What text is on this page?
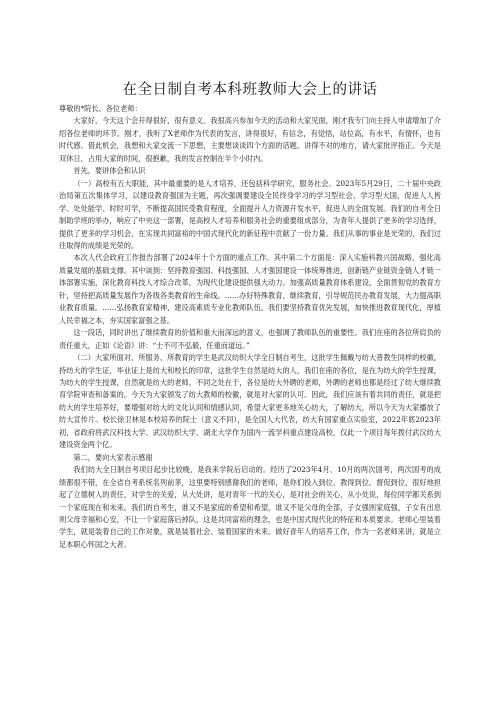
在全日制自考本科班教师大会上的讲话

尊敬的*院长、各位老师：

大家好，今天这个会开得很好，很有意义。我很高兴参加今天的活动和大家见面，刚才我专门向主持人申请增加了介绍各位老师的环节。刚才，我听了X老师作为代表的发言，讲得很好，有信念，有觉悟，站位高，有水平，有情怀，也有时代感。借此机会，我想和大家交流一下思想，主要想谈谈四个方面的话题。讲得不对的地方，请大家批评指正。今天是双休日，占用大家的时间，很抱歉，我的发言控制在半个小时内。

首先，要讲体会和认识

（一）高校有五大职能，其中最重要的是人才培养，还包括科学研究，服务社会。2023年5月29日，二十届中央政治局第五次集体学习，以建设教育强国为主题，再次强调要建设全民终身学习的学习型社会、学习型大国，促进人人皆学、处处能学、时时可学，不断提高国民受教育程度，全面提升人力资源开发水平，促进人的全面发展。我们的自考全日制助学班的举办，响应了中央这一部署，是高校人才培养和服务社会的重要组成部分，为青年人提供了更多的学习选择，提供了更多的学习机会，在实现共同富裕的中国式现代化的新征程中贡献了一份力量。我们从事的事业是光荣的，我们过往取得的成绩是光荣的。

本次人代会政府工作报告部署了2024年十个方面的重点工作。其中第二个方面是：深入实施科教兴国战略，强化高质量发展的基础支撑。其中谈到：坚持教育强国、科技强国、人才强国建设一体统筹推进，创新链产业链资金链人才链一体部署实施，深化教育科技人才综合改革，为现代化建设提供强大动力。加强高质量教育体系建设，全面贯彻党的教育方针，坚持把高质量发展作为各级各类教育的生命线。……办好特殊教育、继续教育，引导规范民办教育发展，大力提高职业教育质量。……弘扬教育家精神，建设高素质专业化教师队伍。我们要坚持教育优先发展，加快推进教育现代化，厚植人民幸福之本，夯实国家富强之基。

这一段话，同时讲出了继续教育的价值和重大而深远的意义，也强调了教师队伍的重要性。我们在座的各位所肩负的责任重大，正如《论语》讲：“士不可不弘毅，任重而道远。”

（二）大家所面对、所服务、所教育的学生是武汉纺织大学全日制自考生，这批学生佩戴与纺大普教生同样的校徽，持纺大的学生证，毕业证上是纺大和校长的印章，这批学生自然是纺大的人，我们在座的各位，是在为纺大的学生授课，为纺大的学生授课，自然就是纺大的老师，不同之处在于，各位是纺大外聘的老师，外聘的老师也都是经过了纺大继续教育学院审查和备案的。今天为大家颁发了纺大教师的校徽，就是对大家的认可。因此，我们应该有着共同的责任，就是把纺大的学生培养好，要增强对纺大的文化认同和情感认同，希望大家更多地关心纺大，了解纺大，所以今天为大家播放了纺大宣传片。校长徐卫林是本校培养的院士（意义不同），是全国人大代表，纺大有国家重点实验室，2022年底2023年初，省政府将武汉科技大学、武汉纺织大学、湖北大学作为国内一流学科重点建设高校，仅此一个项目每年拨付武汉纺大建设资金两个亿。

第二，要向大家表示感谢

我们纺大全日制自考项目起步比较晚，是我来学院后启动的。经历了2023年4月、10月的两次国考，两次国考的成绩都很不错，在全省自考系统名列前茅，这里要特别感谢我们的老师，是你们投入到位、教得到位、督促到位，很好地担起了立德树人的责任，对学生的关爱，从大处讲，是对青年一代的关心，是对社会的关心，从小处说，每位同学都关系到一个家庭现在和未来。我们的自考生，谁又不是家庭的希望和希望，谁又不是父母的全部，子女强则家庭强，子女有出息则父母幸福和心安，不让一个家庭落后掉队，这是共同富裕的理念，也是中国式现代化的特征和本质要求。老师心里装着学生，就是装着自己的工作对象，就是装着社会、装着国家的未来。做好青年人的培养工作，作为一名老师来讲，就是立足本职心怀国之大者。
